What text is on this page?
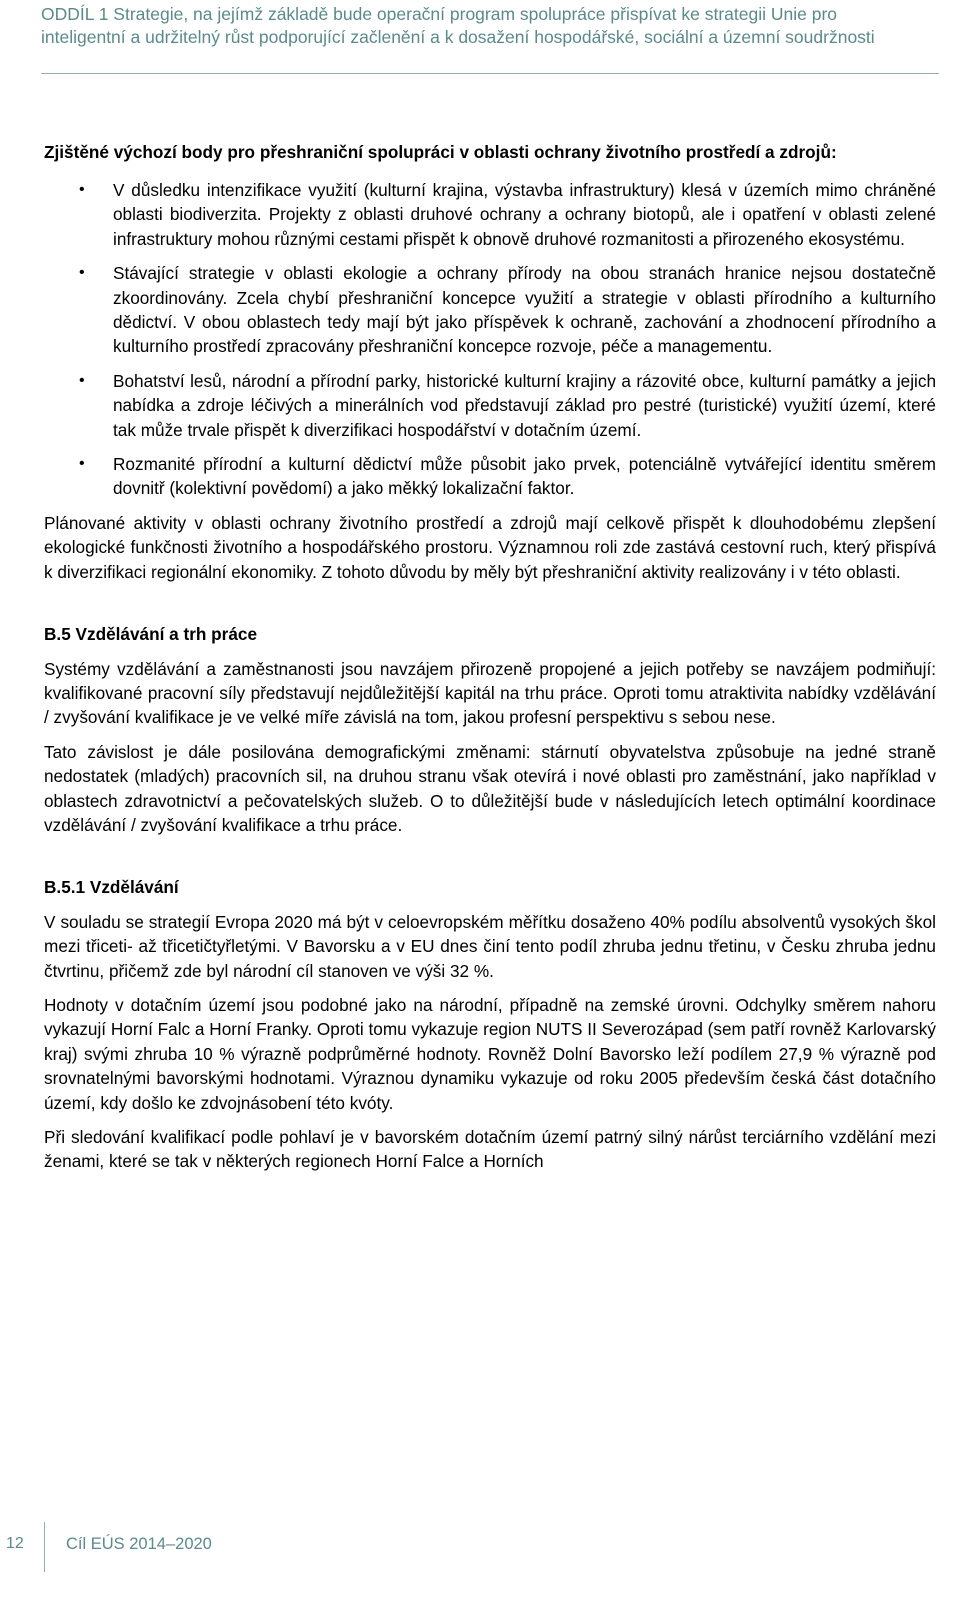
ODDÍL 1 Strategie, na jejímž základě bude operační program spolupráce přispívat ke strategii Unie pro inteligentní a udržitelný růst podporující začlenění a k dosažení hospodářské, sociální a územní soudržnosti

Zjištěné výchozí body pro přeshraniční spolupráci v oblasti ochrany životního prostředí a zdrojů:

• V důsledku intenzifikace využití (kulturní krajina, výstavba infrastruktury) klesá v územích mimo chráněné oblasti biodiverzita. Projekty z oblasti druhové ochrany a ochrany biotopů, ale i opatření v oblasti zelené infrastruktury mohou různými cestami přispět k obnově druhové rozmanitosti a přirozeného ekosystému.
• Stávající strategie v oblasti ekologie a ochrany přírody na obou stranách hranice nejsou dostatečně zkoordinovány. Zcela chybí přeshraniční koncepce využití a strategie v oblasti přírodního a kulturního dědictví. V obou oblastech tedy mají být jako příspěvek k ochraně, zachování a zhodnocení přírodního a kulturního prostředí zpracovány přeshraniční koncepce rozvoje, péče a managementu.
• Bohatství lesů, národní a přírodní parky, historické kulturní krajiny a rázovité obce, kulturní památky a jejich nabídka a zdroje léčivých a minerálních vod představují základ pro pestré (turistické) využití území, které tak může trvale přispět k diverzifikaci hospodářství v dotačním území.
• Rozmanité přírodní a kulturní dědictví může působit jako prvek, potenciálně vytvářející identitu směrem dovnitř (kolektivní povědomí) a jako měkký lokalizační faktor.

Plánované aktivity v oblasti ochrany životního prostředí a zdrojů mají celkově přispět k dlouhodobému zlepšení ekologické funkčnosti životního a hospodářského prostoru. Významnou roli zde zastává cestovní ruch, který přispívá k diverzifikaci regionální ekonomiky. Z tohoto důvodu by měly být přeshraniční aktivity realizovány i v této oblasti.

B.5 Vzdělávání a trh práce

Systémy vzdělávání a zaměstnanosti jsou navzájem přirozeně propojené a jejich potřeby se navzájem podmiňují: kvalifikované pracovní síly představují nejdůležitější kapitál na trhu práce. Oproti tomu atraktivita nabídky vzdělávání / zvyšování kvalifikace je ve velké míře závislá na tom, jakou profesní perspektivu s sebou nese.

Tato závislost je dále posilována demografickými změnami: stárnutí obyvatelstva způsobuje na jedné straně nedostatek (mladých) pracovních sil, na druhou stranu však otevírá i nové oblasti pro zaměstnání, jako například v oblastech zdravotnictví a pečovatelských služeb. O to důležitější bude v následujících letech optimální koordinace vzdělávání / zvyšování kvalifikace a trhu práce.

B.5.1 Vzdělávání

V souladu se strategií Evropa 2020 má být v celoevropském měřítku dosaženo 40% podílu absolventů vysokých škol mezi třiceti- až třicetičtyřletými. V Bavorsku a v EU dnes činí tento podíl zhruba jednu třetinu, v Česku zhruba jednu čtvrtinu, přičemž zde byl národní cíl stanoven ve výši 32 %.

Hodnoty v dotačním území jsou podobné jako na národní, případně na zemské úrovni. Odchylky směrem nahoru vykazují Horní Falc a Horní Franky. Oproti tomu vykazuje region NUTS II Severozápad (sem patří rovněž Karlovarský kraj) svými zhruba 10 % výrazně podprůměrné hodnoty. Rovněž Dolní Bavorsko leží podílem 27,9 % výrazně pod srovnatelnými bavorskými hodnotami. Výraznou dynamiku vykazuje od roku 2005 především česká část dotačního území, kdy došlo ke zdvojnásobení této kvóty.

Při sledování kvalifikací podle pohlaví je v bavorském dotačním území patrný silný nárůst terciárního vzdělání mezi ženami, které se tak v některých regionech Horní Falce a Horních

12	Cíl EÚS 2014–2020
